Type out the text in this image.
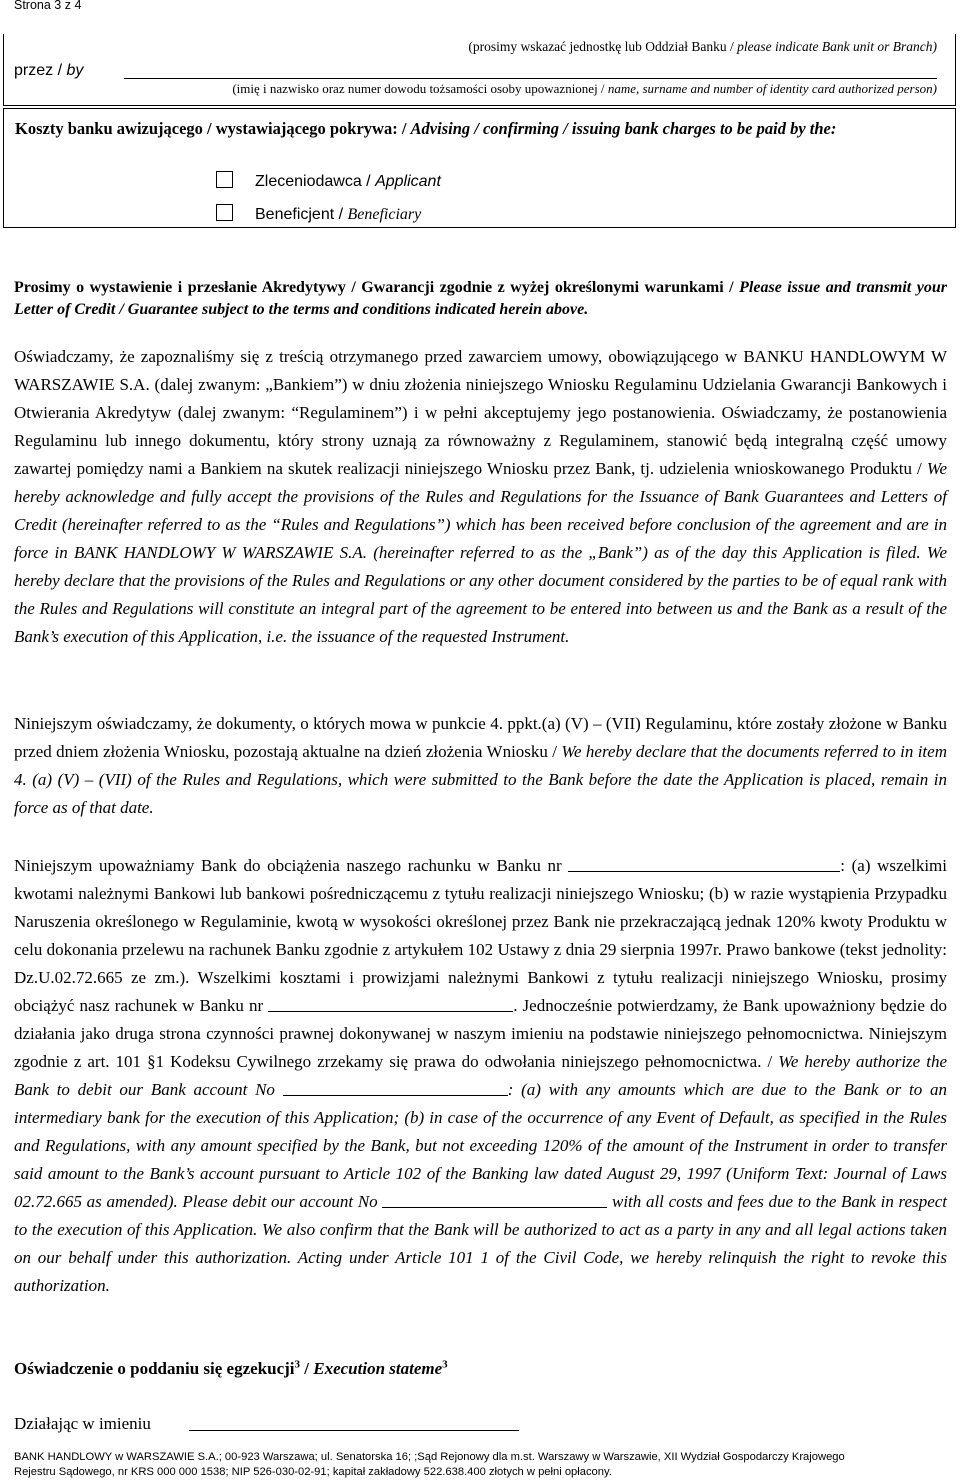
Strona 3 z 4
(prosimy wskazać jednostkę lub Oddział Banku / please indicate Bank unit or Branch)
przez / by
(imię i nazwisko oraz numer dowodu tożsamości osoby upowaznionej / name, surname and number of identity card authorized person)
Koszty banku awizującego / wystawiającego pokrywa: / Advising / confirming / issuing bank charges to be paid by the:
Zleceniodawca / Applicant
Beneficjent / Beneficiary
Prosimy o wystawienie i przesłanie Akredytywy / Gwarancji zgodnie z wyżej określonymi warunkami / Please issue and transmit your Letter of Credit / Guarantee subject to the terms and conditions indicated herein above.
Oświadczamy, że zapoznaliśmy się z treścią otrzymanego przed zawarciem umowy, obowiązującego w BANKU HANDLOWYM W WARSZAWIE S.A. (dalej zwanym: „Bankiem”) w dniu złożenia niniejszego Wniosku Regulaminu Udzielania Gwarancji Bankowych i Otwierania Akredytyw (dalej zwanym: “Regulaminem”) i w pełni akceptujemy jego postanowienia. Oświadczamy, że postanowienia Regulaminu lub innego dokumentu, który strony uznają za równoważny z Regulaminem, stanowić będą integralną część umowy zawartej pomiędzy nami a Bankiem na skutek realizacji niniejszego Wniosku przez Bank, tj. udzielenia wnioskowanego Produktu / We hereby acknowledge and fully accept the provisions of the Rules and Regulations for the Issuance of Bank Guarantees and Letters of Credit (hereinafter referred to as the “Rules and Regulations”) which has been received before conclusion of the agreement and are in force in BANK HANDLOWY W WARSZAWIE S.A. (hereinafter referred to as the „Bank”) as of the day this Application is filed. We hereby declare that the provisions of the Rules and Regulations or any other document considered by the parties to be of equal rank with the Rules and Regulations will constitute an integral part of the agreement to be entered into between us and the Bank as a result of the Bank’s execution of this Application, i.e. the issuance of the requested Instrument.
Niniejszym oświadczamy, że dokumenty, o których mowa w punkcie 4. ppkt.(a) (V) – (VII) Regulaminu, które zostały złożone w Banku przed dniem złożenia Wniosku, pozostają aktualne na dzień złożenia Wniosku / We hereby declare that the documents referred to in item 4. (a) (V) – (VII) of the Rules and Regulations, which were submitted to the Bank before the date the Application is placed, remain in force as of that date.
Niniejszym upoważniamy Bank do obciążenia naszego rachunku w Banku nr	: (a) wszelkimi kwotami należnymi Bankowi lub bankowi pośredniczącemu z tytułu realizacji niniejszego Wniosku; (b) w razie wystąpienia Przypadku Naruszenia określonego w Regulaminie, kwotą w wysokości określonej przez Bank nie przekraczającą jednak 120% kwoty Produktu w celu dokonania przelewu na rachunek Banku zgodnie z artykułem 102 Ustawy z dnia 29 sierpnia 1997r. Prawo bankowe (tekst jednolity: Dz.U.02.72.665 ze zm.). Wszelkimi kosztami i prowizjami należnymi Bankowi z tytułu realizacji niniejszego Wniosku, prosimy obciążyć nasz rachunek w Banku nr	. Jednocześnie potwierdzamy, że Bank upoważniony będzie do działania jako druga strona czynności prawnej dokonywanej w naszym imieniu na podstawie niniejszego pełnomocnictwa. Niniejszym zgodnie z art. 101 §1 Kodeksu Cywilnego zrzekamy się prawa do odwołania niniejszego pełnomocnictwa. / We hereby authorize the Bank to debit our Bank account No	: (a) with any amounts which are due to the Bank or to an intermediary bank for the execution of this Application; (b) in case of the occurrence of any Event of Default, as specified in the Rules and Regulations, with any amount specified by the Bank, but not exceeding 120% of the amount of the Instrument in order to transfer said amount to the Bank’s account pursuant to Article 102 of the Banking law dated August 29, 1997 (Uniform Text: Journal of Laws 02.72.665 as amended). Please debit our account No	with all costs and fees due to the Bank in respect to the execution of this Application. We also confirm that the Bank will be authorized to act as a party in any and all legal actions taken on our behalf under this authorization. Acting under Article 101 1 of the Civil Code, we hereby relinquish the right to revoke this authorization.
Oświadczenie o poddaniu się egzekucji$^3$ / Execution stateme$^3$
Działając w imieniu
BANK HANDLOWY w WARSZAWIE S.A.; 00-923 Warszawa; ul. Senatorska 16; ;Sąd Rejonowy dla m.st. Warszawy w Warszawie, XII Wydział Gospodarczy Krajowego
Rejestru Sądowego, nr KRS 000 000 1538; NIP 526-030-02-91; kapitał zakładowy 522.638.400 złotych w pełni opłacony.
